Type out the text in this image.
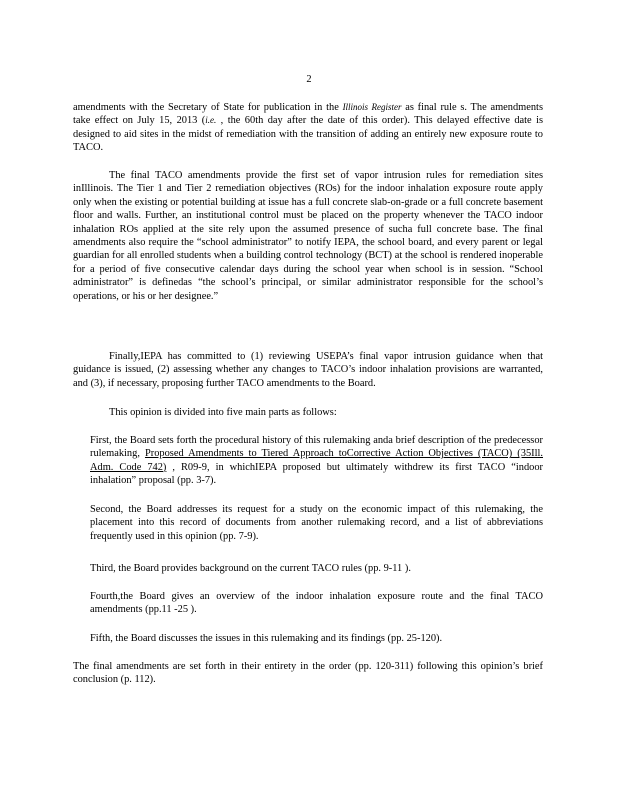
2
amendments with the Secretary of State for publication in the Illinois Register as final rule s. The amendments take effect on July 15, 2013 (i.e. , the 60th day after the date of this order). This delayed effective date is designed to aid sites in the midst of remediation with the transition of adding an entirely new exposure route to TACO.
The final TACO amendments provide the first set of vapor intrusion rules for remediation sites inIllinois. The Tier 1 and Tier 2 remediation objectives (ROs) for the indoor inhalation exposure route apply only when the existing or potential building at issue has a full concrete slab-on-grade or a full concrete basement floor and walls. Further, an institutional control must be placed on the property whenever the TACO indoor inhalation ROs applied at the site rely upon the assumed presence of sucha full concrete base. The final amendments also require the “school administrator” to notify IEPA, the school board, and every parent or legal guardian for all enrolled students when a building control technology (BCT) at the school is rendered inoperable for a period of five consecutive calendar days during the school year when school is in session. “School administrator” is definedas “the school’s principal, or similar administrator responsible for the school’s operations, or his or her designee.”
Finally,IEPA has committed to (1) reviewing USEPA’s final vapor intrusion guidance when that guidance is issued, (2) assessing whether any changes to TACO’s indoor inhalation provisions are warranted, and (3), if necessary, proposing further TACO amendments to the Board.
This opinion is divided into five main parts as follows:
First, the Board sets forth the procedural history of this rulemaking anda brief description of the predecessor rulemaking, Proposed Amendments to Tiered Approach toCorrective Action Objectives (TACO) (35Ill. Adm. Code 742) , R09-9, in whichIEPA proposed but ultimately withdrew its first TACO “indoor inhalation” proposal (pp. 3-7).
Second, the Board addresses its request for a study on the economic impact of this rulemaking, the placement into this record of documents from another rulemaking record, and a list of abbreviations frequently used in this opinion (pp. 7-9).
Third, the Board provides background on the current TACO rules (pp. 9-11 ).
Fourth,the Board gives an overview of the indoor inhalation exposure route and the final TACO amendments (pp.11 -25 ).
Fifth, the Board discusses the issues in this rulemaking and its findings (pp. 25-120).
The final amendments are set forth in their entirety in the order (pp. 120-311) following this opinion’s brief conclusion (p. 112).
